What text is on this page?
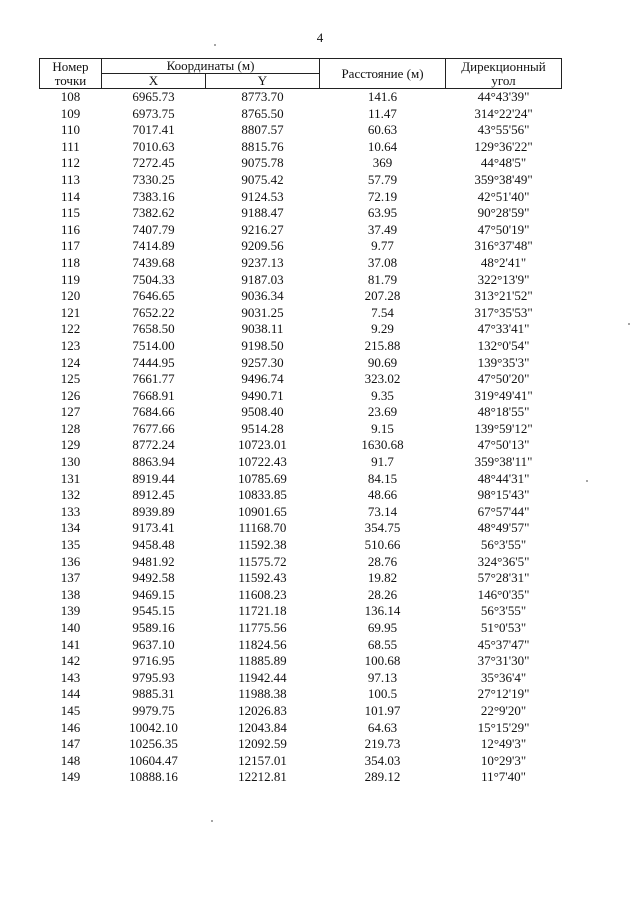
4
Номер
точки	Координаты (м)		Расстояние (м)	Дирекционный
угол
	X	Y		
108	6965.73	8773.70	141.6	44°43'39"
109	6973.75	8765.50	11.47	314°22'24"
110	7017.41	8807.57	60.63	43°55'56"
111	7010.63	8815.76	10.64	129°36'22"
112	7272.45	9075.78	369	44°48'5"
113	7330.25	9075.42	57.79	359°38'49"
114	7383.16	9124.53	72.19	42°51'40"
115	7382.62	9188.47	63.95	90°28'59"
116	7407.79	9216.27	37.49	47°50'19"
117	7414.89	9209.56	9.77	316°37'48"
118	7439.68	9237.13	37.08	48°2'41"
119	7504.33	9187.03	81.79	322°13'9"
120	7646.65	9036.34	207.28	313°21'52"
121	7652.22	9031.25	7.54	317°35'53"
122	7658.50	9038.11	9.29	47°33'41"
123	7514.00	9198.50	215.88	132°0'54"
124	7444.95	9257.30	90.69	139°35'3"
125	7661.77	9496.74	323.02	47°50'20"
126	7668.91	9490.71	9.35	319°49'41"
127	7684.66	9508.40	23.69	48°18'55"
128	7677.66	9514.28	9.15	139°59'12"
129	8772.24	10723.01	1630.68	47°50'13"
130	8863.94	10722.43	91.7	359°38'11"
131	8919.44	10785.69	84.15	48°44'31"
132	8912.45	10833.85	48.66	98°15'43"
133	8939.89	10901.65	73.14	67°57'44"
134	9173.41	11168.70	354.75	48°49'57"
135	9458.48	11592.38	510.66	56°3'55"
136	9481.92	11575.72	28.76	324°36'5"
137	9492.58	11592.43	19.82	57°28'31"
138	9469.15	11608.23	28.26	146°0'35"
139	9545.15	11721.18	136.14	56°3'55"
140	9589.16	11775.56	69.95	51°0'53"
141	9637.10	11824.56	68.55	45°37'47"
142	9716.95	11885.89	100.68	37°31'30"
143	9795.93	11942.44	97.13	35°36'4"
144	9885.31	11988.38	100.5	27°12'19"
145	9979.75	12026.83	101.97	22°9'20"
146	10042.10	12043.84	64.63	15°15'29"
147	10256.35	12092.59	219.73	12°49'3"
148	10604.47	12157.01	354.03	10°29'3"
149	10888.16	12212.81	289.12	11°7'40"
